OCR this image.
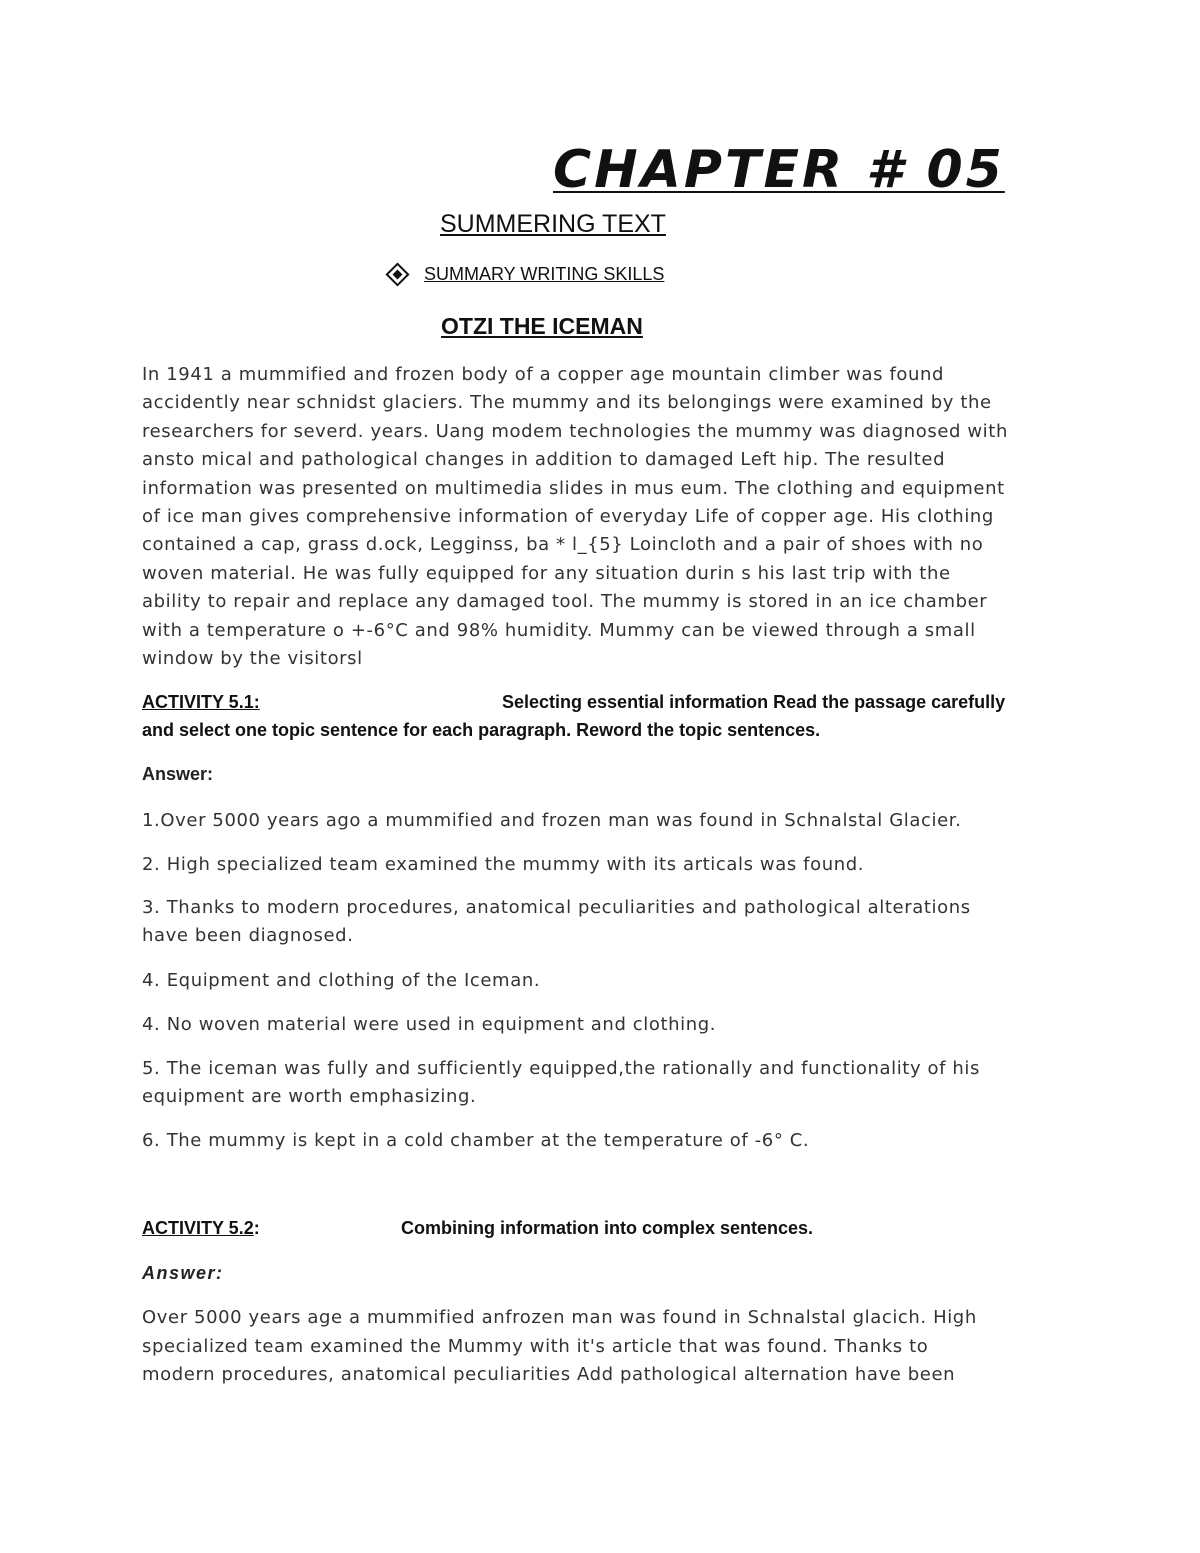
CHAPTER # 05
SUMMERING TEXT
SUMMARY WRITING SKILLS
OTZI THE ICEMAN
In 1941 a mummified and frozen body of a copper age mountain climber was found
accidently near schnidst glaciers. The mummy and its belongings were examined by the
researchers for severd. years. Uang modem technologies the mummy was diagnosed with
ansto mical and pathological changes in addition to damaged Left hip. The resulted
information was presented on multimedia slides in mus eum. The clothing and equipment
of ice man gives comprehensive information of everyday Life of copper age. His clothing
contained a cap, grass d.ock, Legginss, ba * l_{5} Loincloth and a pair of shoes with no
woven material. He was fully equipped for any situation durin s his last trip with the
ability to repair and replace any damaged tool. The mummy is stored in an ice chamber
with a temperature o +-6°C and 98% humidity. Mummy can be viewed through a small
window by the visitorsl
ACTIVITY 5.1:	Selecting essential information Read the passage carefully
and select one topic sentence for each paragraph. Reword the topic sentences.
Answer:
1.Over 5000 years ago a mummified and frozen man was found in Schnalstal Glacier.
2. High specialized team examined the mummy with its articals was found.
3. Thanks to modern procedures, anatomical peculiarities and pathological alterations
have been diagnosed.
4. Equipment and clothing of the Iceman.
4. No woven material were used in equipment and clothing.
5. The iceman was fully and sufficiently equipped,the rationally and functionality of his
equipment are worth emphasizing.
6. The mummy is kept in a cold chamber at the temperature of -6° C.
ACTIVITY 5.2:	Combining information into complex sentences.
Answer:
Over 5000 years age a mummified anfrozen man was found in Schnalstal glacich. High
specialized team examined the Mummy with it's article that was found. Thanks to
modern procedures, anatomical peculiarities Add pathological alternation have been
